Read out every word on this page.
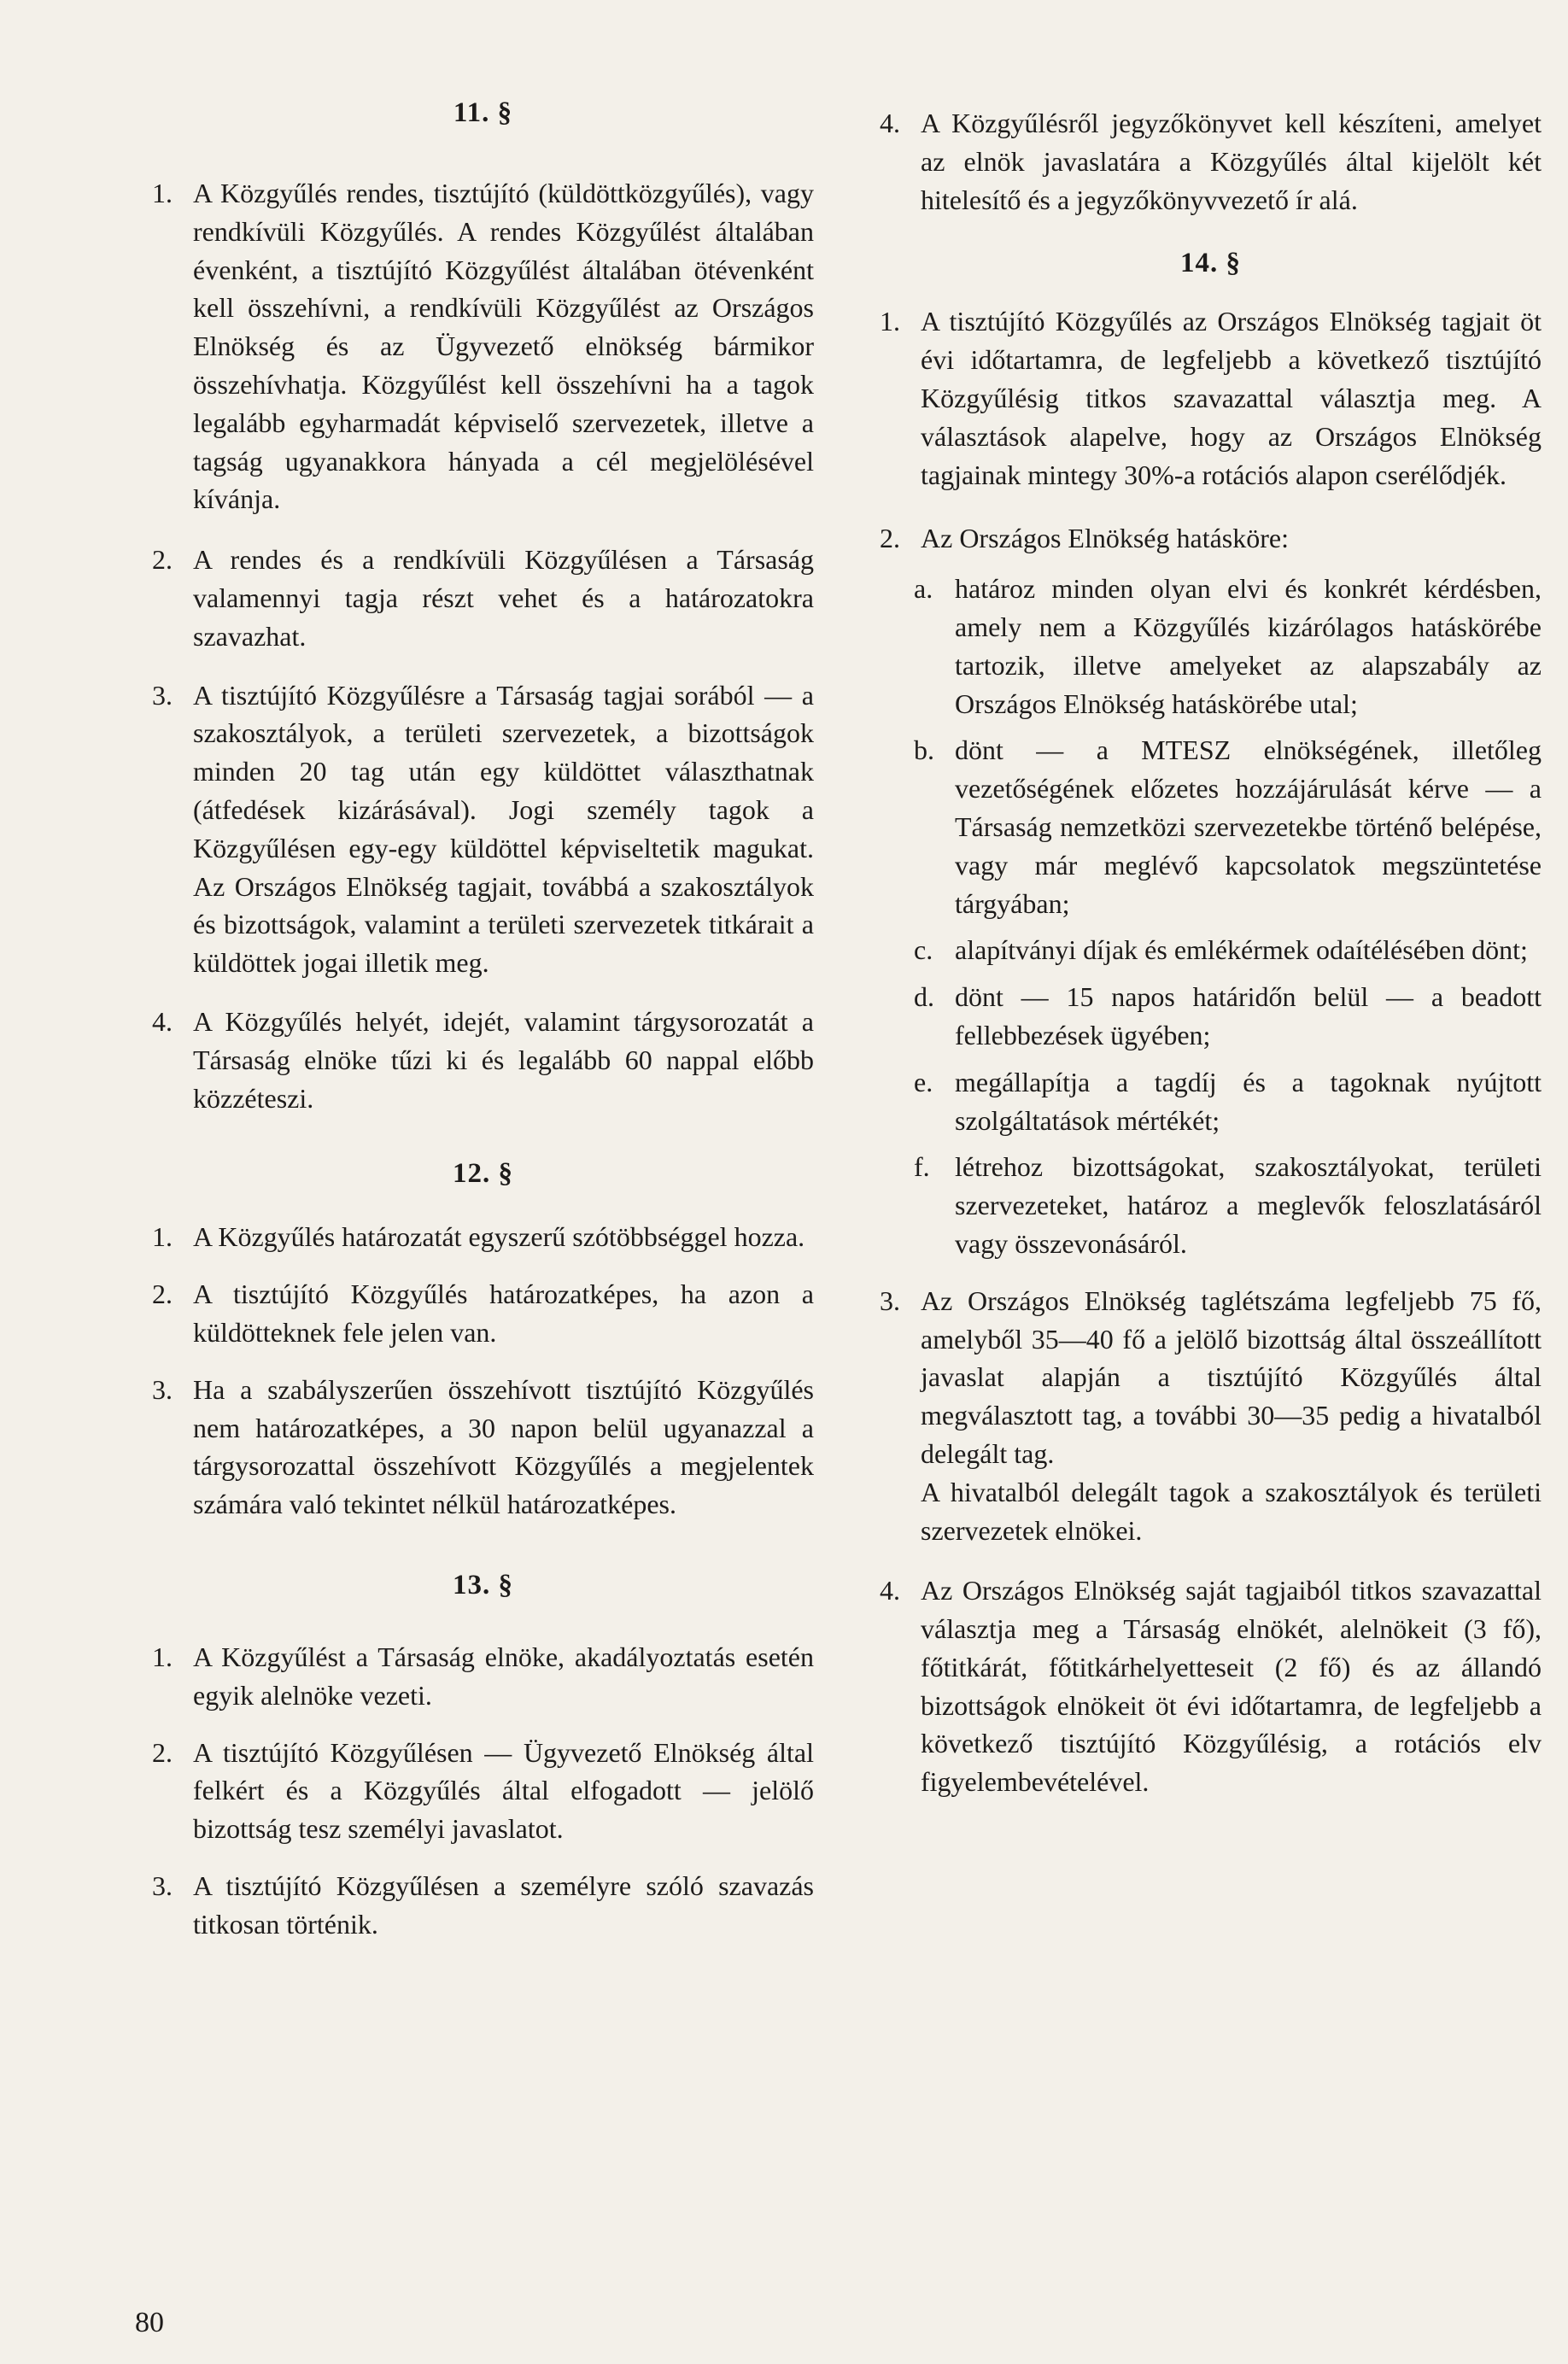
11. §
1. A Közgyűlés rendes, tisztújító (küldöttközgyűlés), vagy rendkívüli Közgyűlés. A rendes Közgyűlést általában évenként, a tisztújító Közgyűlést általában ötévenként kell összehívni, a rendkívüli Közgyűlést az Országos Elnökség és az Ügyvezető elnökség bármikor összehívhatja. Közgyűlést kell összehívni ha a tagok legalább egyharmadát képviselő szervezetek, illetve a tagság ugyanakkora hányada a cél megjelölésével kívánja.

2. A rendes és a rendkívüli Közgyűlésen a Társaság valamennyi tagja részt vehet és a határozatokra szavazhat.

3. A tisztújító Közgyűlésre a Társaság tagjai sorából — a szakosztályok, a területi szervezetek, a bizottságok minden 20 tag után egy küldöttet választhatnak (átfedések kizárásával). Jogi személy tagok a Közgyűlésen egy-egy küldöttel képviseltetik magukat. Az Országos Elnökség tagjait, továbbá a szakosztályok és bizottságok, valamint a területi szervezetek titkárait a küldöttek jogai illetik meg.

4. A Közgyűlés helyét, idejét, valamint tárgysorozatát a Társaság elnöke tűzi ki és legalább 60 nappal előbb közzéteszi.

12. §
1. A Közgyűlés határozatát egyszerű szótöbbséggel hozza.

2. A tisztújító Közgyűlés határozatképes, ha azon a küldötteknek fele jelen van.

3. Ha a szabályszerűen összehívott tisztújító Közgyűlés nem határozatképes, a 30 napon belül ugyanazzal a tárgysorozattal összehívott Közgyűlés a megjelentek számára való tekintet nélkül határozatképes.

13. §
1. A Közgyűlést a Társaság elnöke, akadályoztatás esetén egyik alelnöke vezeti.

2. A tisztújító Közgyűlésen — Ügyvezető Elnökség által felkért és a Közgyűlés által elfogadott — jelölő bizottság tesz személyi javaslatot.

3. A tisztújító Közgyűlésen a személyre szóló szavazás titkosan történik.

4. A Közgyűlésről jegyzőkönyvet kell készíteni, amelyet az elnök javaslatára a Közgyűlés által kijelölt két hitelesítő és a jegyzőkönyvvezető ír alá.

14. §
1. A tisztújító Közgyűlés az Országos Elnökség tagjait öt évi időtartamra, de legfeljebb a következő tisztújító Közgyűlésig titkos szavazattal választja meg. A választások alapelve, hogy az Országos Elnökség tagjainak mintegy 30%-a rotációs alapon cserélődjék.

2. Az Országos Elnökség hatásköre:

a. határoz minden olyan elvi és konkrét kérdésben, amely nem a Közgyűlés kizárólagos hatáskörébe tartozik, illetve amelyeket az alapszabály az Országos Elnökség hatáskörébe utal;

b. dönt — a MTESZ elnökségének, illetőleg vezetőségének előzetes hozzájárulását kérve — a Társaság nemzetközi szervezetekbe történő belépése, vagy már meglévő kapcsolatok megszüntetése tárgyában;

c. alapítványi díjak és emlékérmek odaítélésében dönt;

d. dönt — 15 napos határidőn belül — a beadott fellebbezések ügyében;

e. megállapítja a tagdíj és a tagoknak nyújtott szolgáltatások mértékét;

f. létrehoz bizottságokat, szakosztályokat, területi szervezeteket, határoz a meglevők feloszlatásáról vagy összevonásáról.

3. Az Országos Elnökség taglétszáma legfeljebb 75 fő, amelyből 35—40 fő a jelölő bizottság által összeállított javaslat alapján a tisztújító Közgyűlés által megválasztott tag, a további 30—35 pedig a hivatalból delegált tag.

A hivatalból delegált tagok a szakosztályok és területi szervezetek elnökei.

4. Az Országos Elnökség saját tagjaiból titkos szavazattal választja meg a Társaság elnökét, alelnökeit (3 fő), főtitkárát, főtitkárhelyetteseit (2 fő) és az állandó bizottságok elnökeit öt évi időtartamra, de legfeljebb a következő tisztújító Közgyűlésig, a rotációs elv figyelembevételével.

80
